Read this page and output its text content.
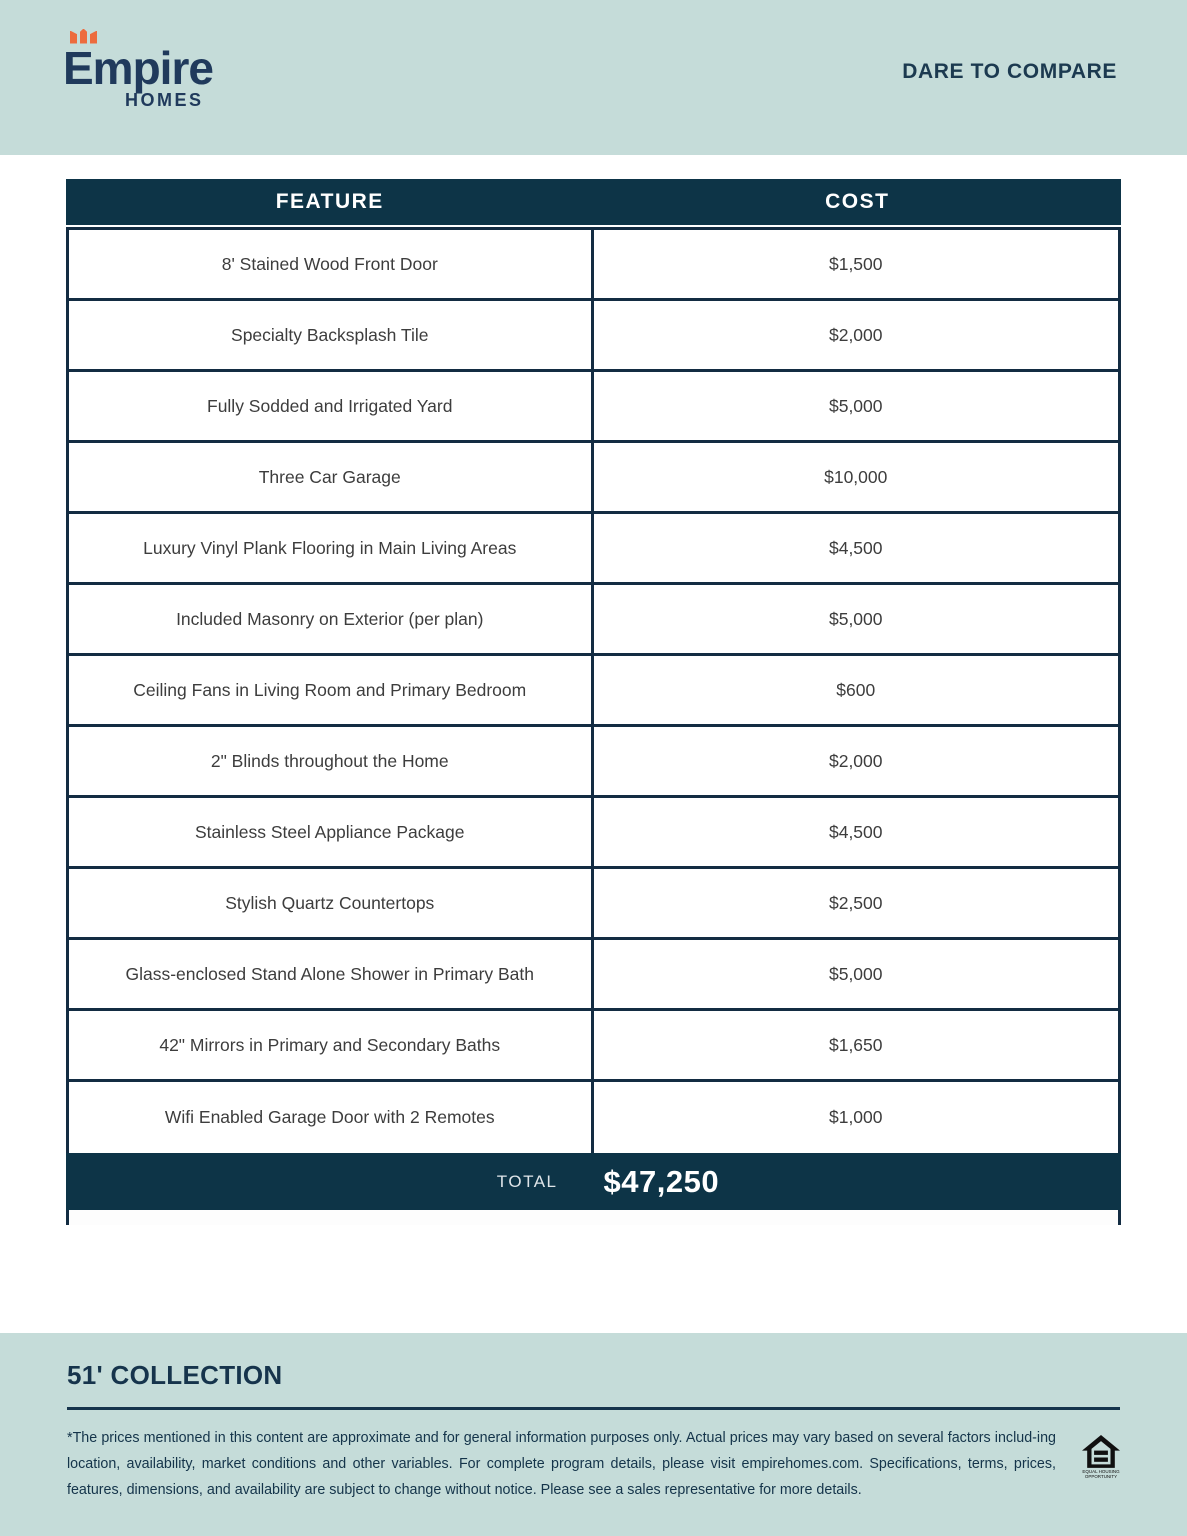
Empire
HOMES
DARE TO COMPARE
FEATURE	COST
8' Stained Wood Front Door	$1,500
Specialty Backsplash Tile	$2,000
Fully Sodded and Irrigated Yard	$5,000
Three Car Garage	$10,000
Luxury Vinyl Plank Flooring in Main Living Areas	$4,500
Included Masonry on Exterior (per plan)	$5,000
Ceiling Fans in Living Room and Primary Bedroom	$600
2" Blinds throughout the Home	$2,000
Stainless Steel Appliance Package	$4,500
Stylish Quartz Countertops	$2,500
Glass-enclosed Stand Alone Shower in Primary Bath	$5,000
42" Mirrors in Primary and Secondary Baths	$1,650
Wifi Enabled Garage Door with 2 Remotes	$1,000
TOTAL	$47,250
51' COLLECTION

*The prices mentioned in this content are approximate and for general information purposes only. Actual prices may vary based on several factors includ-ing location, availability, market conditions and other variables. For complete program details, please visit empirehomes.com. Specifications, terms, prices, features, dimensions, and availability are subject to change without notice. Please see a sales representative for more details.

EQUAL HOUSING
OPPORTUNITY
